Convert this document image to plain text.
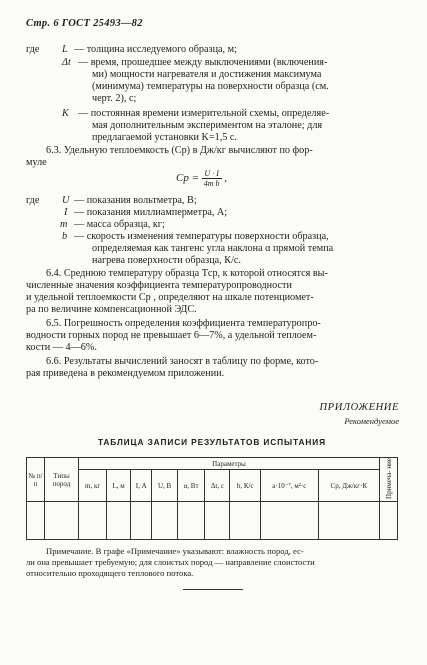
Стр. 6 ГОСТ 25493—82
где L — толщина исследуемого образца, м;
Δt — время, прошедшее между выключениями (включения-
ми) мощности нагревателя и достижения максимума
(минимума) температуры на поверхности образца (см.
черт. 2), с;
K — постоянная времени измерительной схемы, определяе-
мая дополнительным экспериментом на эталоне; для
предлагаемой установки K=1,5 с.
6.3. Удельную теплоемкость (Cp) в Дж/кг вычисляют по фор-
муле
$Cp = \frac{U \cdot I}{\text{4m b}}$ ,
где U — показания вольтметра, В;
I — показания миллиамперметра, А;
m — масса образца, кг;
b — скорость изменения температуры поверхности образца,
определяемая как тангенс угла наклона α прямой темпа
нагрева поверхности образца, К/с.
6.4. Среднюю температуру образца Tср, к которой относятся вы-
численные значения коэффициента температуропроводности
и удельной теплоемкости Cp , определяют на шкале потенциомет-
ра по величине компенсационной ЭДС.
6.5. Погрешность определения коэффициента температуропро-
водности горных пород не превышает 6—7%, а удельной теплоем-
кости — 4—6%.
6.6. Результаты вычислений заносят в таблицу по форме, кото-
рая приведена в рекомендуемом приложении.
ПРИЛОЖЕНИЕ
Рекомендуемое
ТАБЛИЦА ЗАПИСИ РЕЗУЛЬТАТОВ ИСПЫТАНИЯ
№ п/п	Типы пород	Параметры									Примеча- ние
		m, кг	L, м	I, А	U, В	α, Вт	Δt, с	b, К/с	a·10⁻⁷, м²·с	Cp, Дж/кг·К	

Примечание. В графе «Примечание» указывают: влажность пород, ес-
ли она превышает требуемую; для слоистых пород — направление слоистости
относительно проходящего теплового потока.
